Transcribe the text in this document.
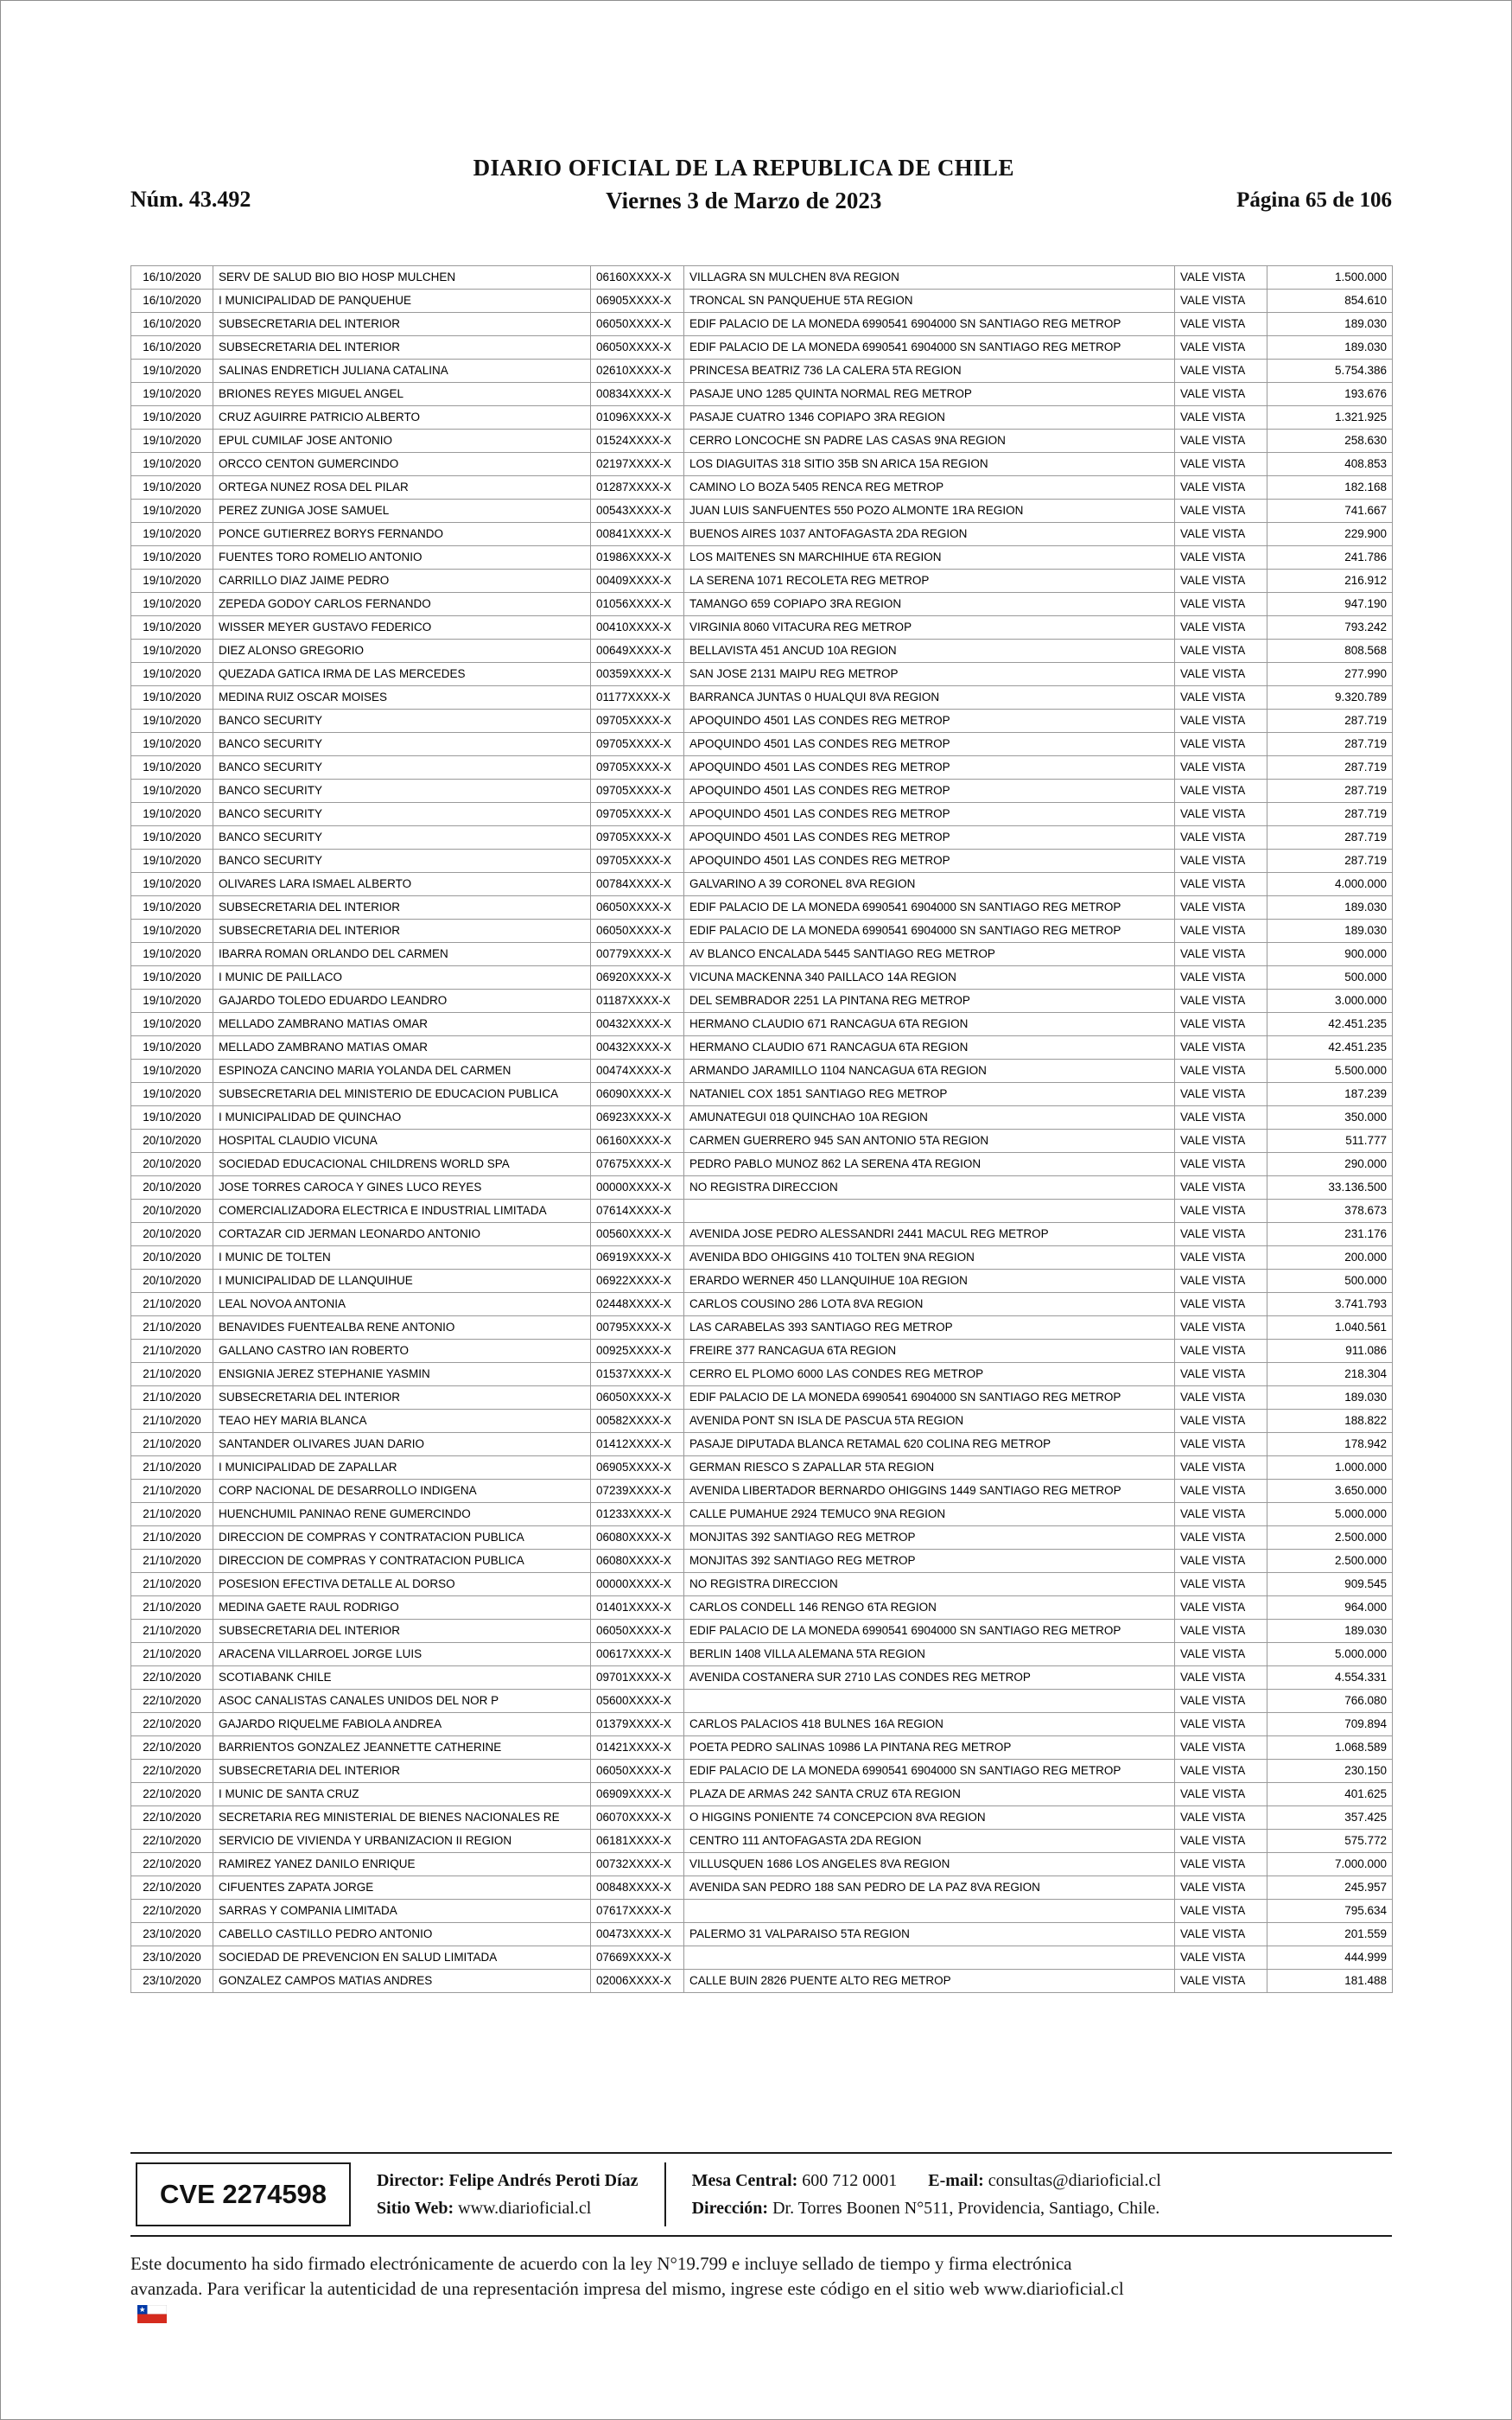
Núm. 43.492
DIARIO OFICIAL DE LA REPUBLICA DE CHILE
Viernes 3 de Marzo de 2023	Página 65 de 106
16/10/2020	SERV DE SALUD BIO BIO HOSP MULCHEN	06160XXXX-X	VILLAGRA SN MULCHEN 8VA REGION	VALE VISTA	1.500.000
16/10/2020	I MUNICIPALIDAD DE PANQUEHUE	06905XXXX-X	TRONCAL SN PANQUEHUE 5TA REGION	VALE VISTA	854.610
16/10/2020	SUBSECRETARIA DEL INTERIOR	06050XXXX-X	EDIF PALACIO DE LA MONEDA 6990541 6904000 SN SANTIAGO REG METROP	VALE VISTA	189.030
16/10/2020	SUBSECRETARIA DEL INTERIOR	06050XXXX-X	EDIF PALACIO DE LA MONEDA 6990541 6904000 SN SANTIAGO REG METROP	VALE VISTA	189.030
19/10/2020	SALINAS ENDRETICH JULIANA CATALINA	02610XXXX-X	PRINCESA BEATRIZ 736 LA CALERA 5TA REGION	VALE VISTA	5.754.386
19/10/2020	BRIONES REYES MIGUEL ANGEL	00834XXXX-X	PASAJE UNO 1285 QUINTA NORMAL REG METROP	VALE VISTA	193.676
19/10/2020	CRUZ AGUIRRE PATRICIO ALBERTO	01096XXXX-X	PASAJE CUATRO 1346 COPIAPO 3RA REGION	VALE VISTA	1.321.925
19/10/2020	EPUL CUMILAF JOSE ANTONIO	01524XXXX-X	CERRO LONCOCHE SN PADRE LAS CASAS 9NA REGION	VALE VISTA	258.630
19/10/2020	ORCCO CENTON GUMERCINDO	02197XXXX-X	LOS DIAGUITAS 318 SITIO 35B SN ARICA 15A REGION	VALE VISTA	408.853
19/10/2020	ORTEGA NUNEZ ROSA DEL PILAR	01287XXXX-X	CAMINO LO BOZA 5405 RENCA REG METROP	VALE VISTA	182.168
19/10/2020	PEREZ ZUNIGA JOSE SAMUEL	00543XXXX-X	JUAN LUIS SANFUENTES 550 POZO ALMONTE 1RA REGION	VALE VISTA	741.667
19/10/2020	PONCE GUTIERREZ BORYS FERNANDO	00841XXXX-X	BUENOS AIRES 1037 ANTOFAGASTA 2DA REGION	VALE VISTA	229.900
19/10/2020	FUENTES TORO ROMELIO ANTONIO	01986XXXX-X	LOS MAITENES SN MARCHIHUE 6TA REGION	VALE VISTA	241.786
19/10/2020	CARRILLO DIAZ JAIME PEDRO	00409XXXX-X	LA SERENA 1071 RECOLETA REG METROP	VALE VISTA	216.912
19/10/2020	ZEPEDA GODOY CARLOS FERNANDO	01056XXXX-X	TAMANGO 659 COPIAPO 3RA REGION	VALE VISTA	947.190
19/10/2020	WISSER MEYER GUSTAVO FEDERICO	00410XXXX-X	VIRGINIA 8060 VITACURA REG METROP	VALE VISTA	793.242
19/10/2020	DIEZ ALONSO GREGORIO	00649XXXX-X	BELLAVISTA 451 ANCUD 10A REGION	VALE VISTA	808.568
19/10/2020	QUEZADA GATICA IRMA DE LAS MERCEDES	00359XXXX-X	SAN JOSE 2131 MAIPU REG METROP	VALE VISTA	277.990
19/10/2020	MEDINA RUIZ OSCAR MOISES	01177XXXX-X	BARRANCA JUNTAS 0 HUALQUI 8VA REGION	VALE VISTA	9.320.789
19/10/2020	BANCO SECURITY	09705XXXX-X	APOQUINDO 4501 LAS CONDES REG METROP	VALE VISTA	287.719
19/10/2020	BANCO SECURITY	09705XXXX-X	APOQUINDO 4501 LAS CONDES REG METROP	VALE VISTA	287.719
19/10/2020	BANCO SECURITY	09705XXXX-X	APOQUINDO 4501 LAS CONDES REG METROP	VALE VISTA	287.719
19/10/2020	BANCO SECURITY	09705XXXX-X	APOQUINDO 4501 LAS CONDES REG METROP	VALE VISTA	287.719
19/10/2020	BANCO SECURITY	09705XXXX-X	APOQUINDO 4501 LAS CONDES REG METROP	VALE VISTA	287.719
19/10/2020	BANCO SECURITY	09705XXXX-X	APOQUINDO 4501 LAS CONDES REG METROP	VALE VISTA	287.719
19/10/2020	BANCO SECURITY	09705XXXX-X	APOQUINDO 4501 LAS CONDES REG METROP	VALE VISTA	287.719
19/10/2020	OLIVARES LARA ISMAEL ALBERTO	00784XXXX-X	GALVARINO A 39 CORONEL 8VA REGION	VALE VISTA	4.000.000
19/10/2020	SUBSECRETARIA DEL INTERIOR	06050XXXX-X	EDIF PALACIO DE LA MONEDA 6990541 6904000 SN SANTIAGO REG METROP	VALE VISTA	189.030
19/10/2020	SUBSECRETARIA DEL INTERIOR	06050XXXX-X	EDIF PALACIO DE LA MONEDA 6990541 6904000 SN SANTIAGO REG METROP	VALE VISTA	189.030
19/10/2020	IBARRA ROMAN ORLANDO DEL CARMEN	00779XXXX-X	AV BLANCO ENCALADA 5445 SANTIAGO REG METROP	VALE VISTA	900.000
19/10/2020	I MUNIC DE PAILLACO	06920XXXX-X	VICUNA MACKENNA 340 PAILLACO 14A REGION	VALE VISTA	500.000
19/10/2020	GAJARDO TOLEDO EDUARDO LEANDRO	01187XXXX-X	DEL SEMBRADOR 2251 LA PINTANA REG METROP	VALE VISTA	3.000.000
19/10/2020	MELLADO ZAMBRANO MATIAS OMAR	00432XXXX-X	HERMANO CLAUDIO 671 RANCAGUA 6TA REGION	VALE VISTA	42.451.235
19/10/2020	MELLADO ZAMBRANO MATIAS OMAR	00432XXXX-X	HERMANO CLAUDIO 671 RANCAGUA 6TA REGION	VALE VISTA	42.451.235
19/10/2020	ESPINOZA CANCINO MARIA YOLANDA DEL CARMEN	00474XXXX-X	ARMANDO JARAMILLO 1104 NANCAGUA 6TA REGION	VALE VISTA	5.500.000
19/10/2020	SUBSECRETARIA DEL MINISTERIO DE EDUCACION PUBLICA	06090XXXX-X	NATANIEL COX 1851 SANTIAGO REG METROP	VALE VISTA	187.239
19/10/2020	I MUNICIPALIDAD DE QUINCHAO	06923XXXX-X	AMUNATEGUI 018 QUINCHAO 10A REGION	VALE VISTA	350.000
20/10/2020	HOSPITAL CLAUDIO VICUNA	06160XXXX-X	CARMEN GUERRERO 945 SAN ANTONIO 5TA REGION	VALE VISTA	511.777
20/10/2020	SOCIEDAD EDUCACIONAL CHILDRENS WORLD SPA	07675XXXX-X	PEDRO PABLO MUNOZ 862 LA SERENA 4TA REGION	VALE VISTA	290.000
20/10/2020	JOSE TORRES CAROCA Y GINES LUCO REYES	00000XXXX-X	NO REGISTRA DIRECCION	VALE VISTA	33.136.500
20/10/2020	COMERCIALIZADORA ELECTRICA E INDUSTRIAL LIMITADA	07614XXXX-X		VALE VISTA	378.673
20/10/2020	CORTAZAR CID JERMAN LEONARDO ANTONIO	00560XXXX-X	AVENIDA JOSE PEDRO ALESSANDRI 2441 MACUL REG METROP	VALE VISTA	231.176
20/10/2020	I MUNIC DE TOLTEN	06919XXXX-X	AVENIDA BDO OHIGGINS 410 TOLTEN 9NA REGION	VALE VISTA	200.000
20/10/2020	I MUNICIPALIDAD DE LLANQUIHUE	06922XXXX-X	ERARDO WERNER 450 LLANQUIHUE 10A REGION	VALE VISTA	500.000
21/10/2020	LEAL NOVOA ANTONIA	02448XXXX-X	CARLOS COUSINO 286 LOTA 8VA REGION	VALE VISTA	3.741.793
21/10/2020	BENAVIDES FUENTEALBA RENE ANTONIO	00795XXXX-X	LAS CARABELAS 393 SANTIAGO REG METROP	VALE VISTA	1.040.561
21/10/2020	GALLANO CASTRO IAN ROBERTO	00925XXXX-X	FREIRE 377 RANCAGUA 6TA REGION	VALE VISTA	911.086
21/10/2020	ENSIGNIA JEREZ STEPHANIE YASMIN	01537XXXX-X	CERRO EL PLOMO 6000 LAS CONDES REG METROP	VALE VISTA	218.304
21/10/2020	SUBSECRETARIA DEL INTERIOR	06050XXXX-X	EDIF PALACIO DE LA MONEDA 6990541 6904000 SN SANTIAGO REG METROP	VALE VISTA	189.030
21/10/2020	TEAO HEY MARIA BLANCA	00582XXXX-X	AVENIDA PONT SN ISLA DE PASCUA 5TA REGION	VALE VISTA	188.822
21/10/2020	SANTANDER OLIVARES JUAN DARIO	01412XXXX-X	PASAJE DIPUTADA BLANCA RETAMAL 620 COLINA REG METROP	VALE VISTA	178.942
21/10/2020	I MUNICIPALIDAD DE ZAPALLAR	06905XXXX-X	GERMAN RIESCO S ZAPALLAR 5TA REGION	VALE VISTA	1.000.000
21/10/2020	CORP NACIONAL DE DESARROLLO INDIGENA	07239XXXX-X	AVENIDA LIBERTADOR BERNARDO OHIGGINS 1449 SANTIAGO REG METROP	VALE VISTA	3.650.000
21/10/2020	HUENCHUMIL PANINAO RENE GUMERCINDO	01233XXXX-X	CALLE PUMAHUE 2924 TEMUCO 9NA REGION	VALE VISTA	5.000.000
21/10/2020	DIRECCION DE COMPRAS Y CONTRATACION PUBLICA	06080XXXX-X	MONJITAS 392 SANTIAGO REG METROP	VALE VISTA	2.500.000
21/10/2020	DIRECCION DE COMPRAS Y CONTRATACION PUBLICA	06080XXXX-X	MONJITAS 392 SANTIAGO REG METROP	VALE VISTA	2.500.000
21/10/2020	POSESION EFECTIVA DETALLE AL DORSO	00000XXXX-X	NO REGISTRA DIRECCION	VALE VISTA	909.545
21/10/2020	MEDINA GAETE RAUL RODRIGO	01401XXXX-X	CARLOS CONDELL 146 RENGO 6TA REGION	VALE VISTA	964.000
21/10/2020	SUBSECRETARIA DEL INTERIOR	06050XXXX-X	EDIF PALACIO DE LA MONEDA 6990541 6904000 SN SANTIAGO REG METROP	VALE VISTA	189.030
21/10/2020	ARACENA VILLARROEL JORGE LUIS	00617XXXX-X	BERLIN 1408 VILLA ALEMANA 5TA REGION	VALE VISTA	5.000.000
22/10/2020	SCOTIABANK CHILE	09701XXXX-X	AVENIDA COSTANERA SUR 2710 LAS CONDES REG METROP	VALE VISTA	4.554.331
22/10/2020	ASOC CANALISTAS CANALES UNIDOS DEL NOR P	05600XXXX-X		VALE VISTA	766.080
22/10/2020	GAJARDO RIQUELME FABIOLA ANDREA	01379XXXX-X	CARLOS PALACIOS 418 BULNES 16A REGION	VALE VISTA	709.894
22/10/2020	BARRIENTOS GONZALEZ JEANNETTE CATHERINE	01421XXXX-X	POETA PEDRO SALINAS 10986 LA PINTANA REG METROP	VALE VISTA	1.068.589
22/10/2020	SUBSECRETARIA DEL INTERIOR	06050XXXX-X	EDIF PALACIO DE LA MONEDA 6990541 6904000 SN SANTIAGO REG METROP	VALE VISTA	230.150
22/10/2020	I MUNIC DE SANTA CRUZ	06909XXXX-X	PLAZA DE ARMAS 242 SANTA CRUZ 6TA REGION	VALE VISTA	401.625
22/10/2020	SECRETARIA REG MINISTERIAL DE BIENES NACIONALES RE	06070XXXX-X	O HIGGINS PONIENTE 74 CONCEPCION 8VA REGION	VALE VISTA	357.425
22/10/2020	SERVICIO DE VIVIENDA Y URBANIZACION II REGION	06181XXXX-X	CENTRO 111 ANTOFAGASTA 2DA REGION	VALE VISTA	575.772
22/10/2020	RAMIREZ YANEZ DANILO ENRIQUE	00732XXXX-X	VILLUSQUEN 1686 LOS ANGELES 8VA REGION	VALE VISTA	7.000.000
22/10/2020	CIFUENTES ZAPATA JORGE	00848XXXX-X	AVENIDA SAN PEDRO 188 SAN PEDRO DE LA PAZ 8VA REGION	VALE VISTA	245.957
22/10/2020	SARRAS Y COMPANIA LIMITADA	07617XXXX-X		VALE VISTA	795.634
23/10/2020	CABELLO CASTILLO PEDRO ANTONIO	00473XXXX-X	PALERMO 31 VALPARAISO 5TA REGION	VALE VISTA	201.559
23/10/2020	SOCIEDAD DE PREVENCION EN SALUD LIMITADA	07669XXXX-X		VALE VISTA	444.999
23/10/2020	GONZALEZ CAMPOS MATIAS ANDRES	02006XXXX-X	CALLE BUIN 2826 PUENTE ALTO REG METROP	VALE VISTA	181.488
CVE 2274598	Director: Felipe Andrés Peroti Díaz
Sitio Web: www.diarioficial.cl
Mesa Central: 600 712 0001 E-mail: consultas@diarioficial.cl
Dirección: Dr. Torres Boonen N°511, Providencia, Santiago, Chile.
Este documento ha sido firmado electrónicamente de acuerdo con la ley N°19.799 e incluye sellado de tiempo y firma electrónica
avanzada. Para verificar la autenticidad de una representación impresa del mismo, ingrese este código en el sitio web www.diarioficial.cl
